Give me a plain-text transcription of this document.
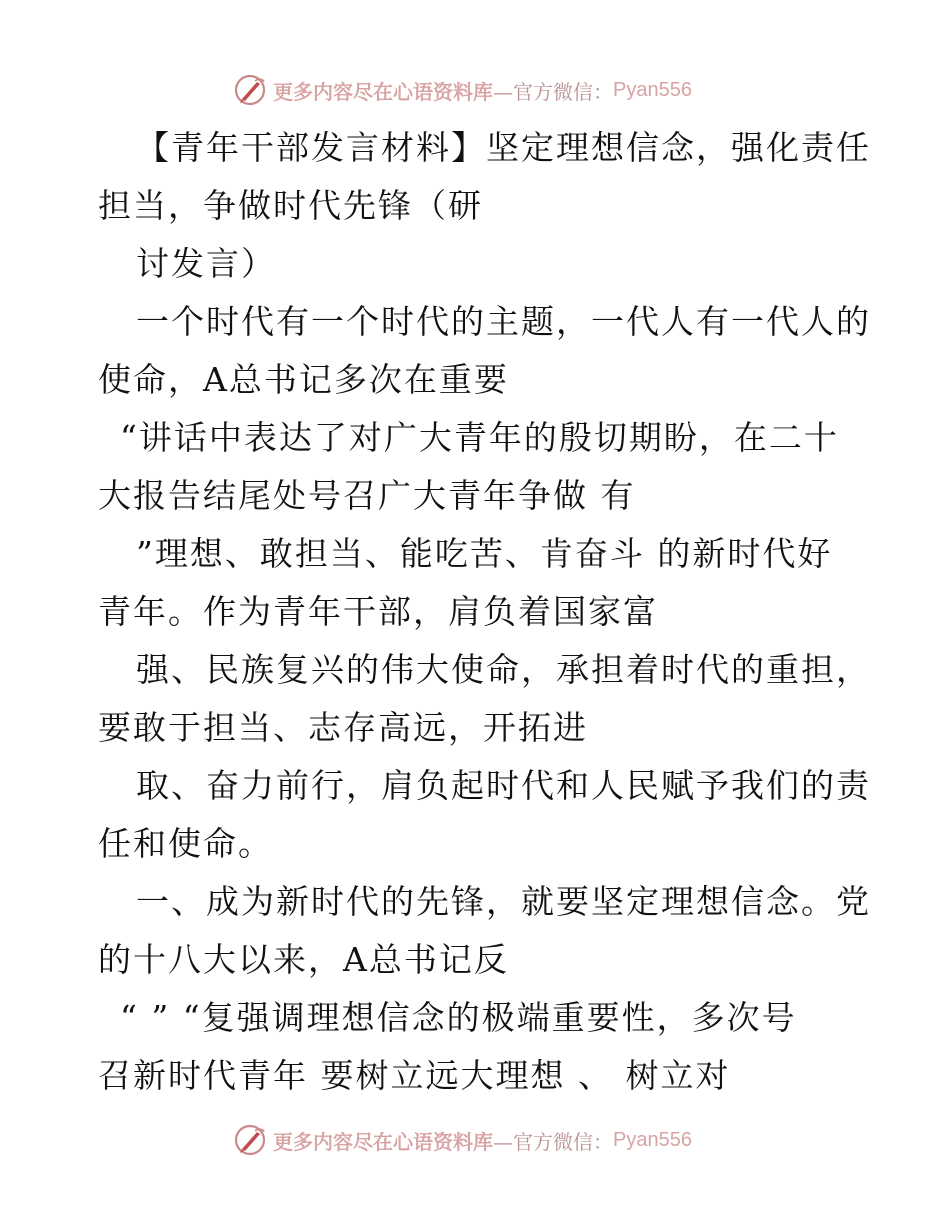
更多内容尽在心语资料库 —官方微信： Pyan556
【青年干部发言材料】坚定理想信念，强化责任
担当，争做时代先锋（研
讨发言）
一个时代有一个时代的主题，一代人有一代人的
使命，A总书记多次在重要
“讲话中表达了对广大青年的殷切期盼，在二十
大报告结尾处号召广大青年争做 有
”理想、敢担当、能吃苦、肯奋斗 的新时代好
青年。作为青年干部，肩负着国家富
强、民族复兴的伟大使命，承担着时代的重担，
要敢于担当、志存高远，开拓进
取、奋力前行，肩负起时代和人民赋予我们的责
任和使命。
一、成为新时代的先锋，就要坚定理想信念。党
的十八大以来，A总书记反
“ ” “复强调理想信念的极端重要性，多次号
召新时代青年 要树立远大理想 、 树立对
更多内容尽在心语资料库 —官方微信： Pyan556
